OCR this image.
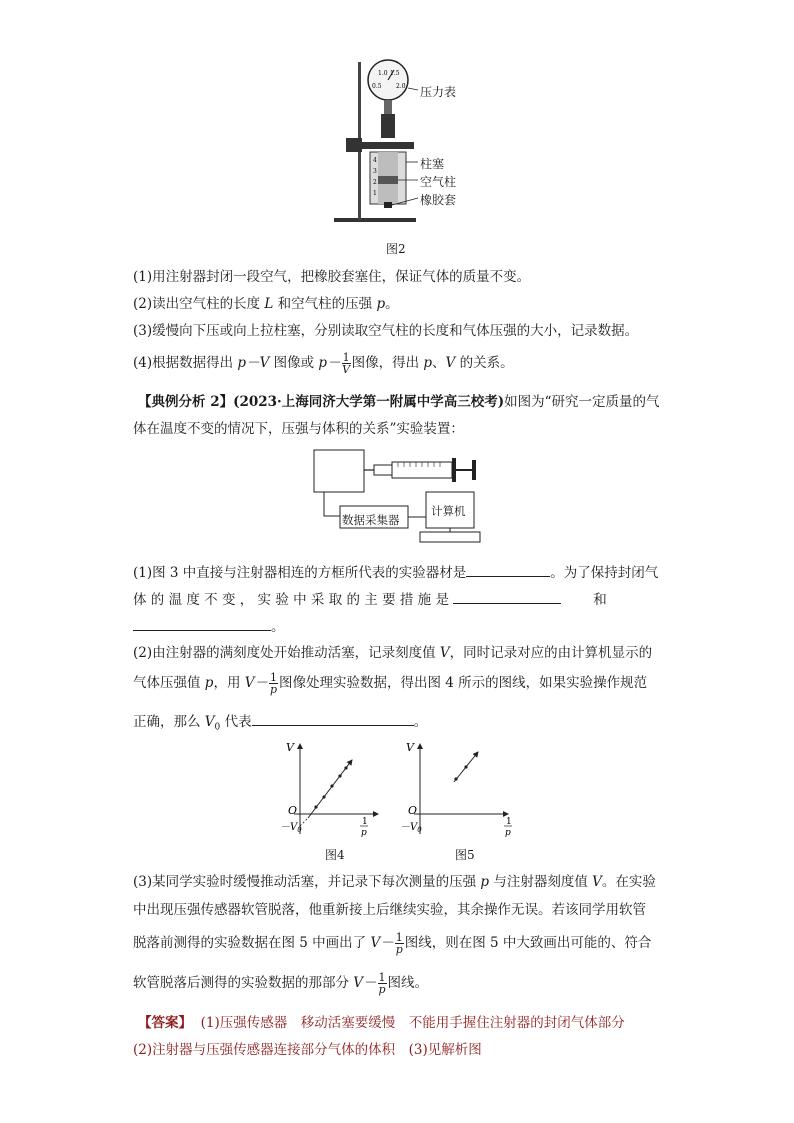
0.5
1.0 1.5
2.0
4
3
2
1
压力表
柱塞
空气柱
橡胶套
图2
(1)用注射器封闭一段空气，把橡胶套塞住，保证气体的质量不变。
(2)读出空气柱的长度 L 和空气柱的压强 p。
(3)缓慢向下压或向上拉柱塞，分别读取空气柱的长度和气体压强的大小，记录数据。
(4)根据数据得出 p－V 图像或 $p- \frac{1}{V}$ 图像，得出 p、V 的关系。
【典例分析 2】(2023·上海同济大学第一附属中学高三校考)如图为“研究一定质量的气
体在温度不变的情况下，压强与体积的关系”实验装置：
数据采集器
计算机
(1)图 3 中直接与注射器相连的方框所代表的实验器材是	。为了保持封闭气
体 的 温 度 不 变 ， 实 验 中 采 取 的 主 要 措 施 是	和
。
(2)由注射器的满刻度处开始推动活塞，记录刻度值 V，同时记录对应的由计算机显示的
气体压强值 p，用 $V- \frac{1}{p}$ 图像处理实验数据，得出图 4 所示的图线，如果实验操作规范
正确，那么 $V_0$ 代表	。
V
O
$-V_0$
1
p
图4
V
O
$-V_0$
1
p
图5
(3)某同学实验时缓慢推动活塞，并记录下每次测量的压强 p 与注射器刻度值 V。在实验
中出现压强传感器软管脱落，他重新接上后继续实验，其余操作无误。若该同学用软管
脱落前测得的实验数据在图 5 中画出了 $V- \frac{1}{p}$ 图线，则在图 5 中大致画出可能的、符合
软管脱落后测得的实验数据的那部分 $V- \frac{1}{p}$ 图线。
【答案】 (1)压强传感器　移动活塞要缓慢　不能用手握住注射器的封闭气体部分
(2)注射器与压强传感器连接部分气体的体积　(3)见解析图
